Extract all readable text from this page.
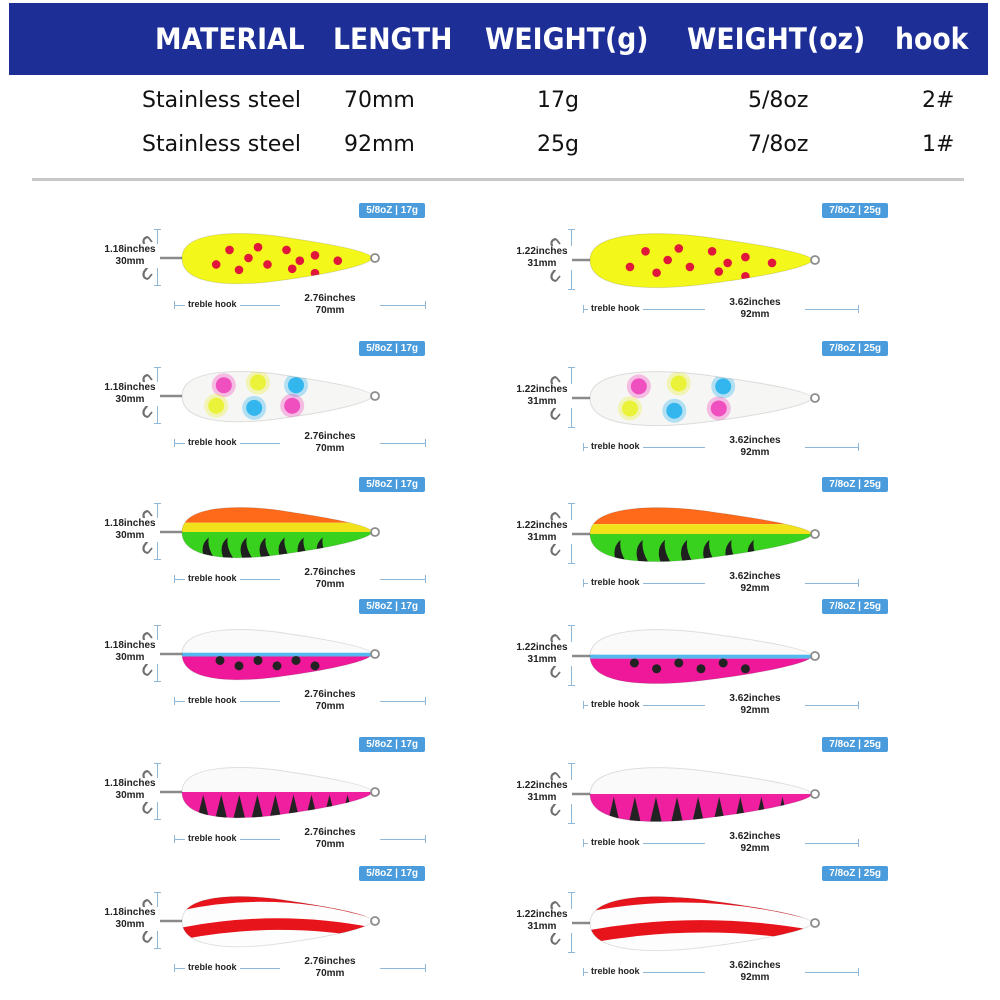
MATERIAL LENGTH WEIGHT(g) WEIGHT(oz) hook
Stainless steel 70mm	17g	5/8oz	2#
Stainless steel 92mm	25g	7/8oz	1#
5/8oZ | 17g
1.18inches
30mm
treble hook	2.76inches
70mm
7/8oZ | 25g
1.22inches
31mm
treble hook	3.62inches
92mm
5/8oZ | 17g
1.18inches
30mm
treble hook	2.76inches
70mm
7/8oZ | 25g
1.22inches
31mm
treble hook	3.62inches
92mm
5/8oZ | 17g
1.18inches
30mm
treble hook	2.76inches
70mm
7/8oZ | 25g
1.22inches
31mm
treble hook	3.62inches
92mm
5/8oZ | 17g
1.18inches
30mm
treble hook	2.76inches
70mm
7/8oZ | 25g
1.22inches
31mm
treble hook	3.62inches
92mm
5/8oZ | 17g
1.18inches
30mm
treble hook	2.76inches
70mm
7/8oZ | 25g
1.22inches
31mm
treble hook	3.62inches
92mm
5/8oZ | 17g
1.18inches
30mm
treble hook	2.76inches
70mm
7/8oZ | 25g
1.22inches
31mm
treble hook	3.62inches
92mm
